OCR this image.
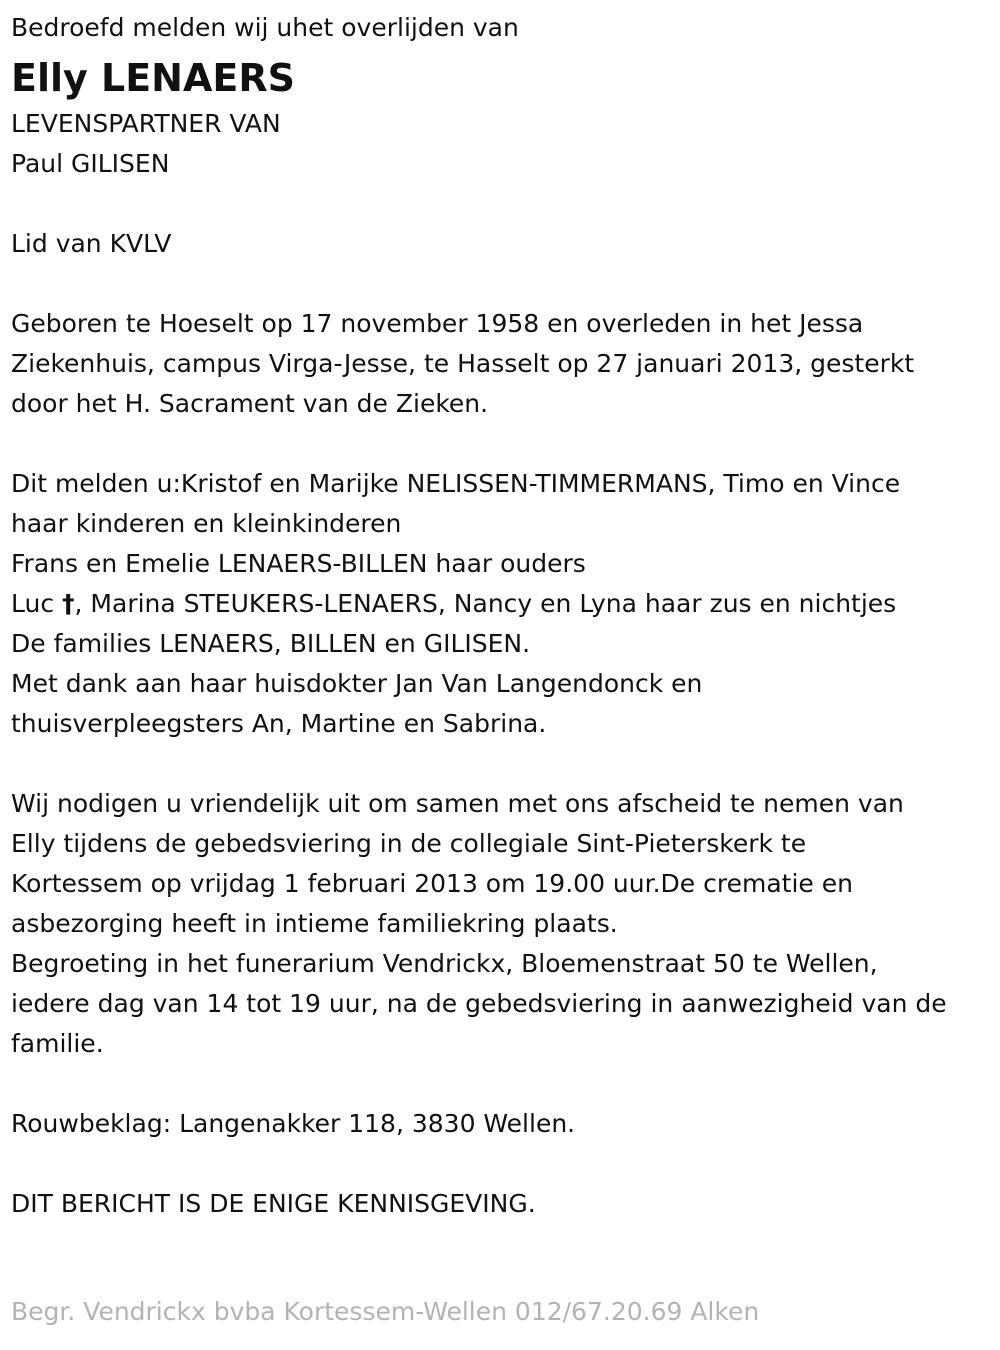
Bedroefd melden wij uhet overlijden van

Elly LENAERS

LEVENSPARTNER VAN

Paul GILISEN

Lid van KVLV

Geboren te Hoeselt op 17 november 1958 en overleden in het Jessa

Ziekenhuis, campus Virga-Jesse, te Hasselt op 27 januari 2013, gesterkt

door het H. Sacrament van de Zieken.

Dit melden u:Kristof en Marijke NELISSEN-TIMMERMANS, Timo en Vince

haar kinderen en kleinkinderen

Frans en Emelie LENAERS-BILLEN haar ouders

Luc †, Marina STEUKERS-LENAERS, Nancy en Lyna haar zus en nichtjes

De families LENAERS, BILLEN en GILISEN.

Met dank aan haar huisdokter Jan Van Langendonck en

thuisverpleegsters An, Martine en Sabrina.

Wij nodigen u vriendelijk uit om samen met ons afscheid te nemen van

Elly tijdens de gebedsviering in de collegiale Sint-Pieterskerk te

Kortessem op vrijdag 1 februari 2013 om 19.00 uur.De crematie en

asbezorging heeft in intieme familiekring plaats.

Begroeting in het funerarium Vendrickx, Bloemenstraat 50 te Wellen,

iedere dag van 14 tot 19 uur, na de gebedsviering in aanwezigheid van de

familie.

Rouwbeklag: Langenakker 118, 3830 Wellen.

DIT BERICHT IS DE ENIGE KENNISGEVING.

Begr. Vendrickx bvba Kortessem-Wellen 012/67.20.69 Alken
